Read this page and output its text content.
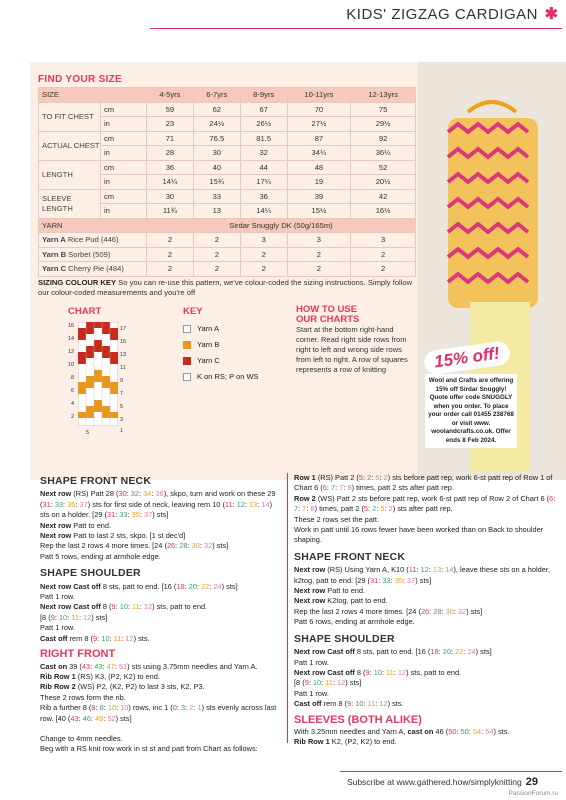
KIDS' ZIGZAG CARDIGAN ✱
FIND YOUR SIZE
SIZE		4-5yrs	6-7yrs	8-9yrs	10-11yrs	12-13yrs
TO FIT CHEST	cm	59	62	67	70	75
	in	23	24½	26½	27½	29½
ACTUAL CHEST	cm	71	76.5	81.5	87	92
	in	28	30	32	34¼	36¼
LENGTH	cm	36	40	44	48	52
	in	14¼	15¾	17¼	19	20½
SLEEVE
LENGTH	cm	30	33	36	39	42
	in	11¾	13	14¼	15½	16½
YARN		Sirdar Snuggly DK (50g/165m)				
Yarn A Rice Pud (446)		2	2	3	3	3
Yarn B Sorbet (509)		2	2	2	2	2
Yarn C Cherry Pie (484)		2	2	2	2	2
SIZING COLOUR KEY So you can re-use this pattern, we've colour-coded the sizing instructions. Simply follow our colour-coded measurements and you're off
CHART
16
14
12
10
8
6
4
2
17
15
13
11
9
7
5
3
1
5
KEY
Yarn A
Yarn B
Yarn C
K on RS; P on WS
HOW TO USE
OUR CHARTS
Start at the bottom right-hand corner. Read right side rows from right to left and wrong side rows from left to right. A row of squares represents a row of knitting	15% off!
Wool and Crafts are offering 15% off Sirdar Snuggly! Quote offer code SNUGGLY when you order. To place your order call 01455 238768 or visit www. woolandcrafts.co.uk. Offer ends 8 Feb 2024.
SHAPE FRONT NECK

Next row (RS) Patt 28 (30: 32: 34: 36), skpo, turn and work on these 29 (31: 33: 35: 37) sts for first side of neck, leaving rem 10 (11: 12: 13: 14) sts on a holder. [29 (31: 33: 35: 37) sts]

Next row Patt to end.

Next row Patt to last 2 sts, skpo. [1 st dec'd]

Rep the last 2 rows 4 more times. [24 (26: 28: 30: 32) sts]

Patt 5 rows, ending at armhole edge.

SHAPE SHOULDER

Next row Cast off 8 sts, patt to end. [16 (18: 20: 22: 24) sts]

Patt 1 row.

Next row Cast off 8 (9: 10: 11: 12) sts, patt to end.

[8 (9: 10: 11: 12) sts]

Patt 1 row.

Cast off rem 8 (9: 10: 11: 12) sts.

RIGHT FRONT

Cast on 39 (43: 43: 47: 51) sts using 3.75mm needles and Yarn A.

Rib Row 1 (RS) K3, (P2, K2) to end.

Rib Row 2 (WS) P2, (K2, P2) to last 3 sts, K2, P3.

These 2 rows form the rib.

Rib a further 8 (8: 8: 10: 10) rows, inc 1 (0: 3: 2: 1) sts evenly across last row. [40 (43: 46: 49: 52) sts]

Change to 4mm needles.

Beg with a RS knit row work in st st and patt from Chart as follows:

Row 1 (RS) Patt 2 (5: 2: 5: 2) sts before patt rep, work 6-st patt rep of Row 1 of Chart 6 (6: 7: 7: 8) times, patt 2 sts after patt rep.

Row 2 (WS) Patt 2 sts before patt rep, work 6-st patt rep of Row 2 of Chart 6 (6: 7: 7: 8) times, patt 2 (5: 2: 5: 2) sts after patt rep.

These 2 rows set the patt.

Work in patt until 16 rows fewer have been worked than on Back to shoulder shaping.

SHAPE FRONT NECK

Next row (RS) Using Yarn A, K10 (11: 12: 13: 14), leave these sts on a holder, k2tog, patt to end. [29 (31: 33: 35: 37) sts]

Next row Patt to end.

Next row K2tog, patt to end.

Rep the last 2 rows 4 more times. [24 (26: 28: 30: 32) sts]

Patt 6 rows, ending at armhole edge.

SHAPE SHOULDER

Next row Cast off 8 sts, patt to end. [16 (18: 20: 22: 24) sts]

Patt 1 row.

Next row Cast off 8 (9: 10: 11: 12) sts, patt to end.

[8 (9: 10: 11: 12) sts]

Patt 1 row.

Cast off rem 8 (9: 10: 11: 12) sts.

SLEEVES (BOTH ALIKE)

With 3.25mm needles and Yarn A, cast on 46 (50: 50: 54: 54) sts.

Rib Row 1 K2, (P2, K2) to end.

Subscribe at www.gathered.how/simplyknitting 29
PassionForum.ru
